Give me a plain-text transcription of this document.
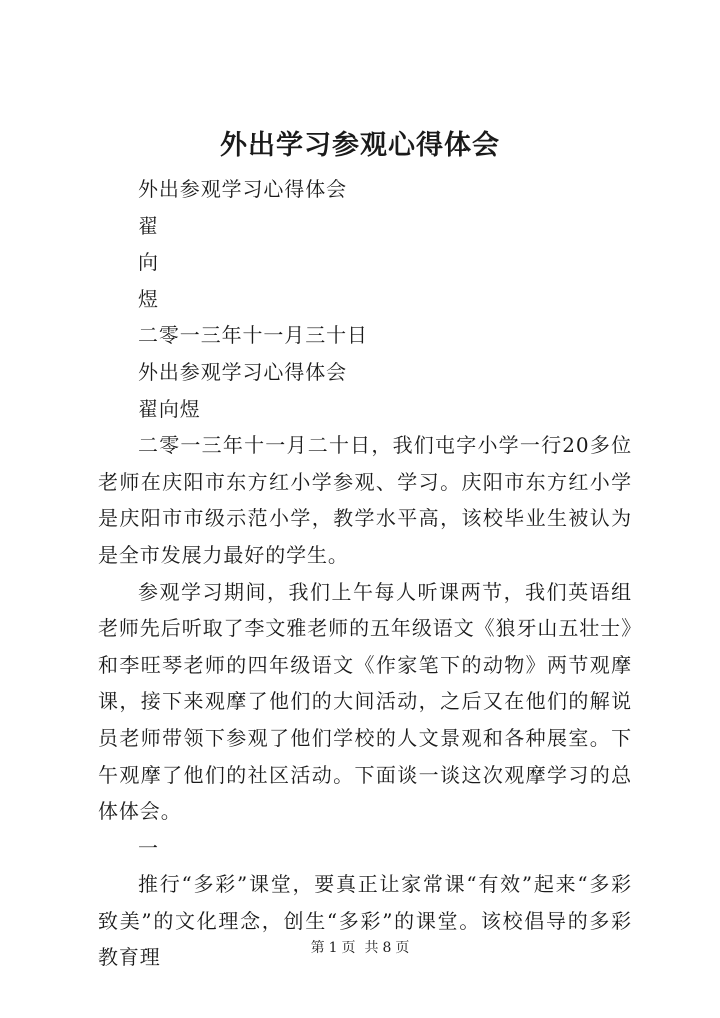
外出学习参观心得体会

外出参观学习心得体会

翟

向

煜

二零一三年十一月三十日

外出参观学习心得体会

翟向煜

二零一三年十一月二十日，我们屯字小学一行20多位老师在庆阳市东方红小学参观、学习。庆阳市东方红小学是庆阳市市级示范小学，教学水平高，该校毕业生被认为是全市发展力最好的学生。

参观学习期间，我们上午每人听课两节，我们英语组老师先后听取了李文雅老师的五年级语文《狼牙山五壮士》和李旺琴老师的四年级语文《作家笔下的动物》两节观摩课，接下来观摩了他们的大间活动，之后又在他们的解说员老师带领下参观了他们学校的人文景观和各种展室。下午观摩了他们的社区活动。下面谈一谈这次观摩学习的总体体会。

一

推行“多彩”课堂，要真正让家常课“有效”起来“多彩致美”的文化理念，创生“多彩”的课堂。该校倡导的多彩教育理	第 1 页  共 8 页
